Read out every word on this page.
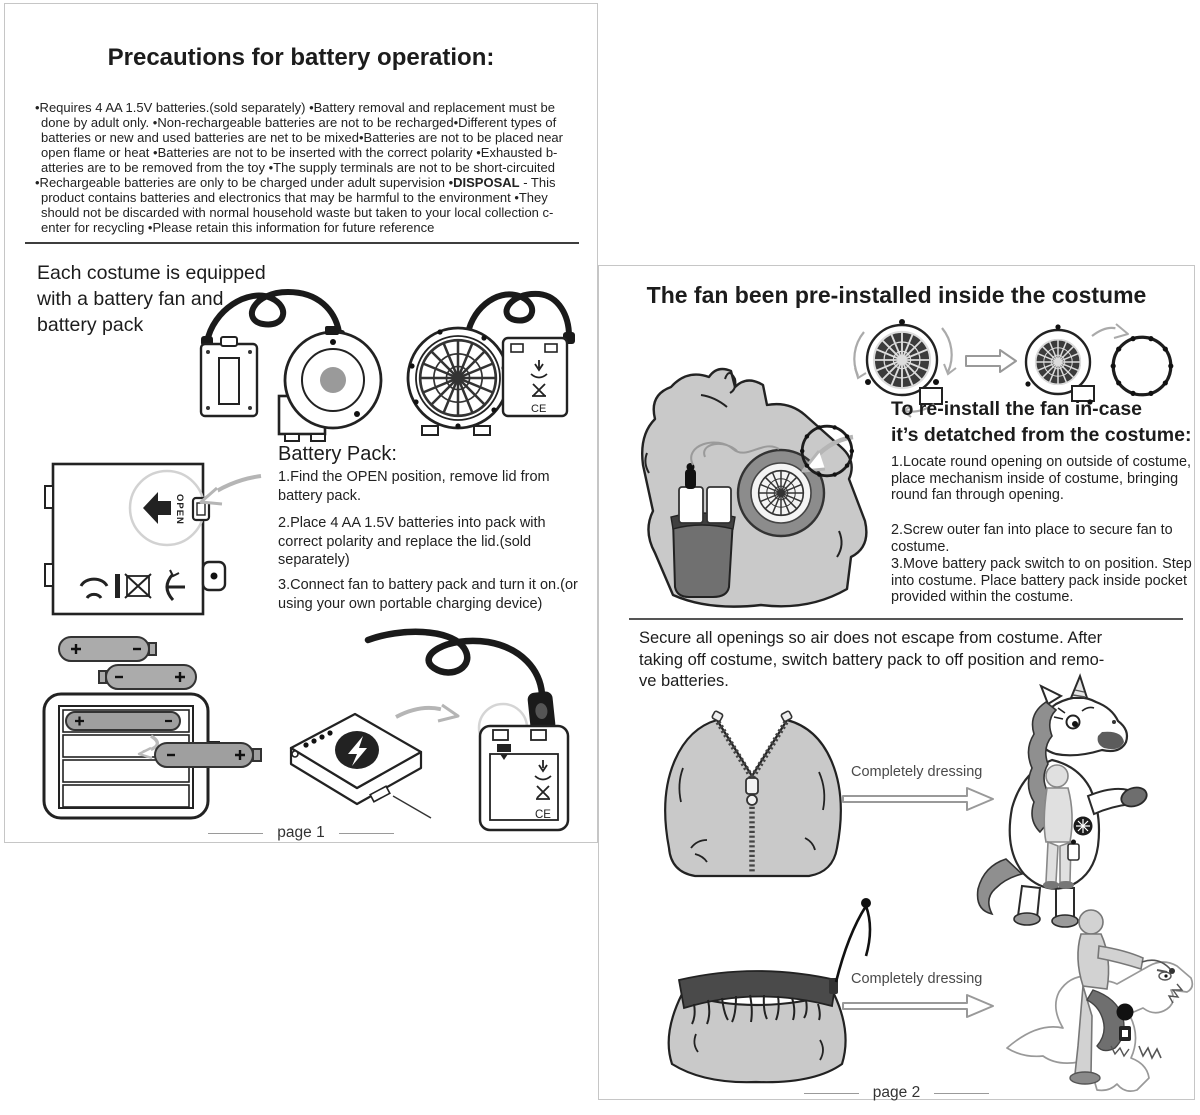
Precautions for battery operation:
•Requires 4 AA 1.5V batteries.(sold separately) •Battery removal and replacement must be
done by adult only. •Non-rechargeable batteries are not to be recharged•Different types of
batteries or new and used batteries are net to be mixed•Batteries are not to be placed near
open flame or heat •Batteries are not to be inserted with the correct polarity •Exhausted b-
atteries are to be removed from the toy •The supply terminals are not to be short-circuited
•Rechargeable batteries are only to be charged under adult supervision •DISPOSAL - This
product contains batteries and electronics that may be harmful to the environment •They
should not be discarded with normal household waste but taken to your local collection c-
enter for recycling •Please retain this information for future reference
Each costume is equipped
with a battery fan and
battery pack
CE
OPEN
Battery Pack:
1.Find the OPEN position, remove lid from battery pack.
2.Place 4 AA 1.5V batteries into pack with correct polarity and replace the lid.(sold separately)
3.Connect fan to battery pack and turn it on.(or using your own portable charging device)
CE
page 1
The fan been pre-installed inside the costume
To re-install the fan in-case
it’s detatched from the costume:
1.Locate round opening on outside of costume, place mechanism inside of costume, bringing round fan through opening.
2.Screw outer fan into place to secure fan to costume.
3.Move battery pack switch to on position. Step into costume. Place battery pack inside pocket provided within the costume.
Secure all openings so air does not escape from costume. After
taking off costume, switch battery pack to off position and remo-
ve batteries.
Completely dressing
Completely dressing
page 2
